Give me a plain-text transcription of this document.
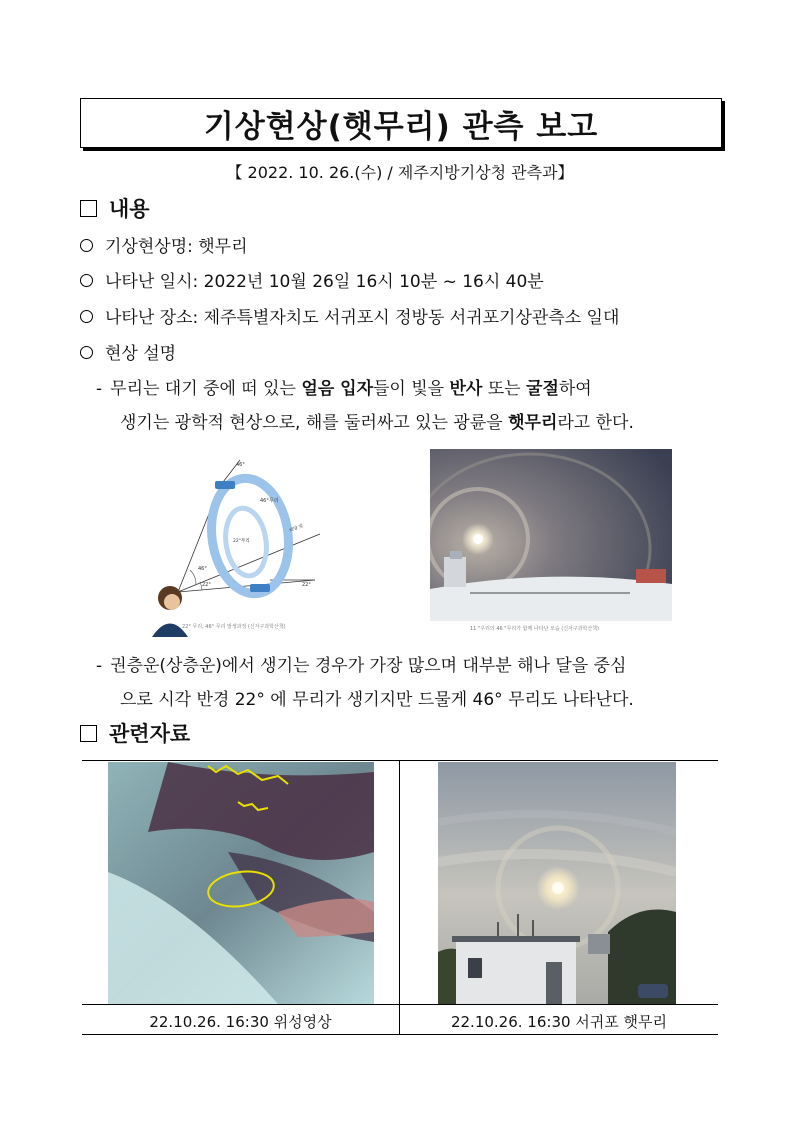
기상현상(햇무리) 관측 보고
【 2022. 10. 26.(수) / 제주지방기상청 관측과】
내용
기상현상명: 햇무리
나타난 일시: 2022년 10월 26일 16시 10분 ~ 16시 40분
나타난 장소: 제주특별자치도 서귀포시 정방동 서귀포기상관측소 일대
현상 설명
- 무리는 대기 중에 떠 있는 얼음 입자들이 빛을 반사 또는 굴절하여
생기는 광학적 현상으로, 해를 둘러싸고 있는 광륜을 햇무리라고 한다.
46°
46°무리
22°무리
46°
22°	22°
태양 빛
22° 무리, 46° 무리 발생과정 (신자구과학산책)	11 "우리의 46 "무리가 함께 나타난 모습 (신자구과학산책)
- 권층운(상층운)에서 생기는 경우가 가장 많으며 대부분 해나 달을 중심
으로 시각 반경 22° 에 무리가 생기지만 드물게 46° 무리도 나타난다.
관련자료
22.10.26. 16:30 위성영상	22.10.26. 16:30 서귀포 햇무리
